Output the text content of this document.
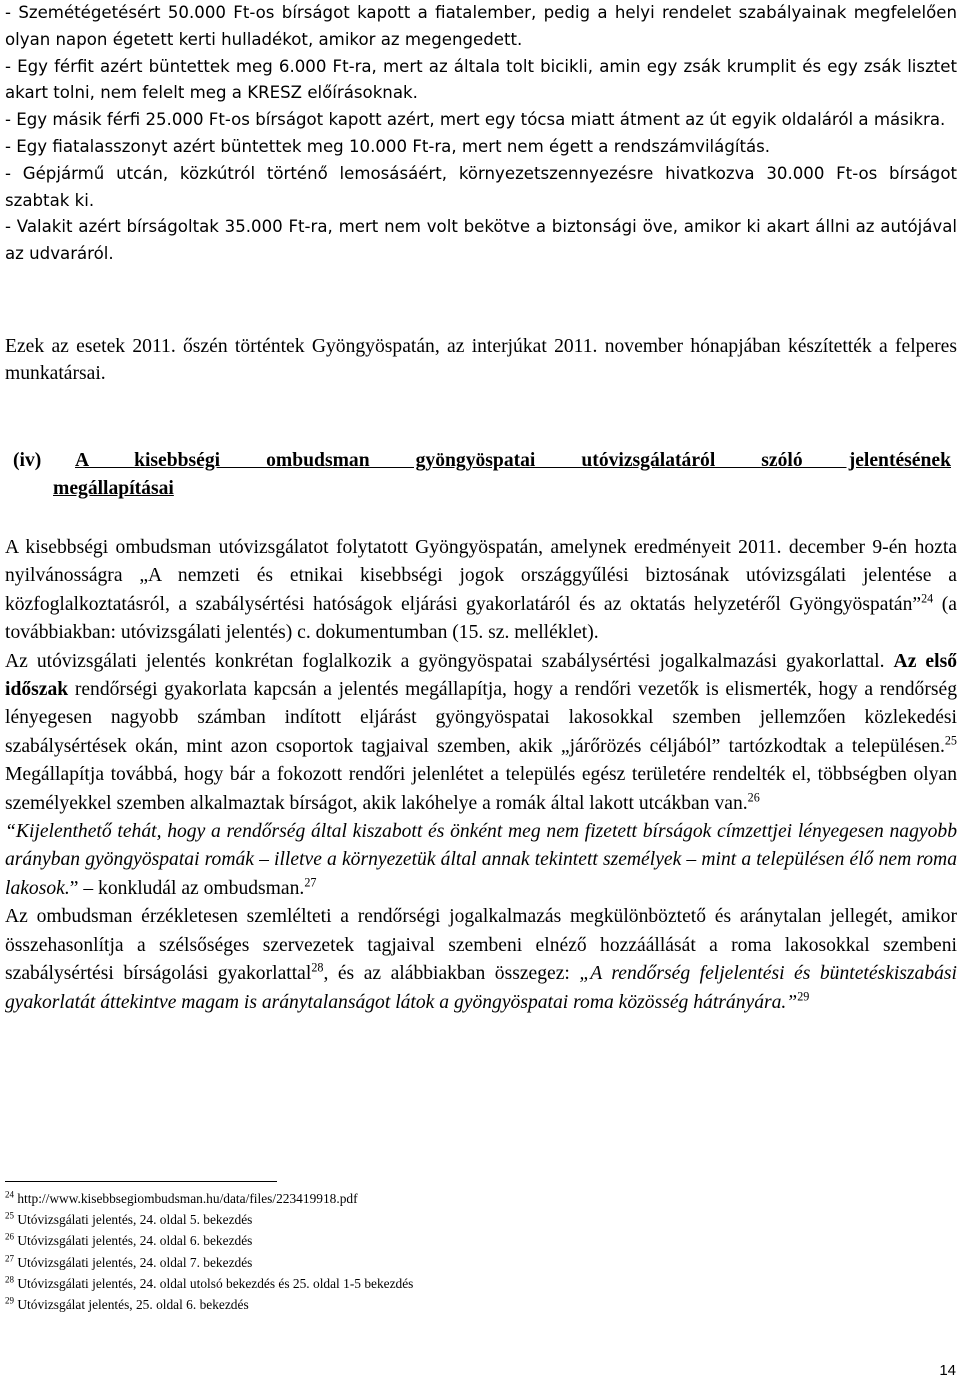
- Szemétégetésért 50.000 Ft-os bírságot kapott a fiatalember, pedig a helyi rendelet szabályainak megfelelően olyan napon égetett kerti hulladékot, amikor az megengedett.

- Egy férfit azért büntettek meg 6.000 Ft-ra, mert az általa tolt bicikli, amin egy zsák krumplit és egy zsák lisztet akart tolni, nem felelt meg a KRESZ előírásoknak.

- Egy másik férfi 25.000 Ft-os bírságot kapott azért, mert egy tócsa miatt átment az út egyik oldaláról a másikra.

- Egy fiatalasszonyt azért büntettek meg 10.000 Ft-ra, mert nem égett a rendszámvilágítás.

- Gépjármű utcán, közkútról történő lemosásáért, környezetszennyezésre hivatkozva 30.000 Ft-os bírságot szabtak ki.

- Valakit azért bírságoltak 35.000 Ft-ra, mert nem volt bekötve a biztonsági öve, amikor ki akart állni az autójával az udvaráról.

Ezek az esetek 2011. őszén történtek Gyöngyöspatán, az interjúkat 2011. november hónapjában készítették a felperes munkatársai.

(iv) A kisebbségi ombudsman gyöngyöspatai utóvizsgálatáról szóló jelentésének
megállapításai

A kisebbségi ombudsman utóvizsgálatot folytatott Gyöngyöspatán, amelynek eredményeit 2011. december 9-én hozta nyilvánosságra „A nemzeti és etnikai kisebbségi jogok országgyűlési biztosának utóvizsgálati jelentése a közfoglalkoztatásról, a szabálysértési hatóságok eljárási gyakorlatáról és az oktatás helyzetéről Gyöngyöspatán”$^{24}$ (a továbbiakban: utóvizsgálati jelentés) c. dokumentumban (15. sz. melléklet).

Az utóvizsgálati jelentés konkrétan foglalkozik a gyöngyöspatai szabálysértési jogalkalmazási gyakorlattal. Az első időszak rendőrségi gyakorlata kapcsán a jelentés megállapítja, hogy a rendőri vezetők is elismerték, hogy a rendőrség lényegesen nagyobb számban indított eljárást gyöngyöspatai lakosokkal szemben jellemzően közlekedési szabálysértések okán, mint azon csoportok tagjaival szemben, akik „járőrözés céljából” tartózkodtak a településen.$^{25}$ Megállapítja továbbá, hogy bár a fokozott rendőri jelenlétet a település egész területére rendelték el, többségben olyan személyekkel szemben alkalmaztak bírságot, akik lakóhelye a romák által lakott utcákban van.$^{26}$

“Kijelenthető tehát, hogy a rendőrség által kiszabott és önként meg nem fizetett bírságok címzettjei lényegesen nagyobb arányban gyöngyöspatai romák – illetve a környezetük által annak tekintett személyek – mint a településen élő nem roma lakosok.” – konkludál az ombudsman.$^{27}$

Az ombudsman érzékletesen szemlélteti a rendőrségi jogalkalmazás megkülönböztető és aránytalan jellegét, amikor összehasonlítja a szélsőséges szervezetek tagjaival szembeni elnéző hozzáállását a roma lakosokkal szembeni szabálysértési bírságolási gyakorlattal$^{28}$, és az alábbiakban összegez: „A rendőrség feljelentési és büntetéskiszabási gyakorlatát áttekintve magam is aránytalanságot látok a gyöngyöspatai roma közösség hátrányára.”$^{29}$

$^{24}$ http://www.kisebbsegiombudsman.hu/data/files/223419918.pdf

$^{25}$ Utóvizsgálati jelentés, 24. oldal 5. bekezdés

$^{26}$ Utóvizsgálati jelentés, 24. oldal 6. bekezdés

$^{27}$ Utóvizsgálati jelentés, 24. oldal 7. bekezdés

$^{28}$ Utóvizsgálati jelentés, 24. oldal utolsó bekezdés és 25. oldal 1-5 bekezdés

$^{29}$ Utóvizsgálat jelentés, 25. oldal 6. bekezdés

14
